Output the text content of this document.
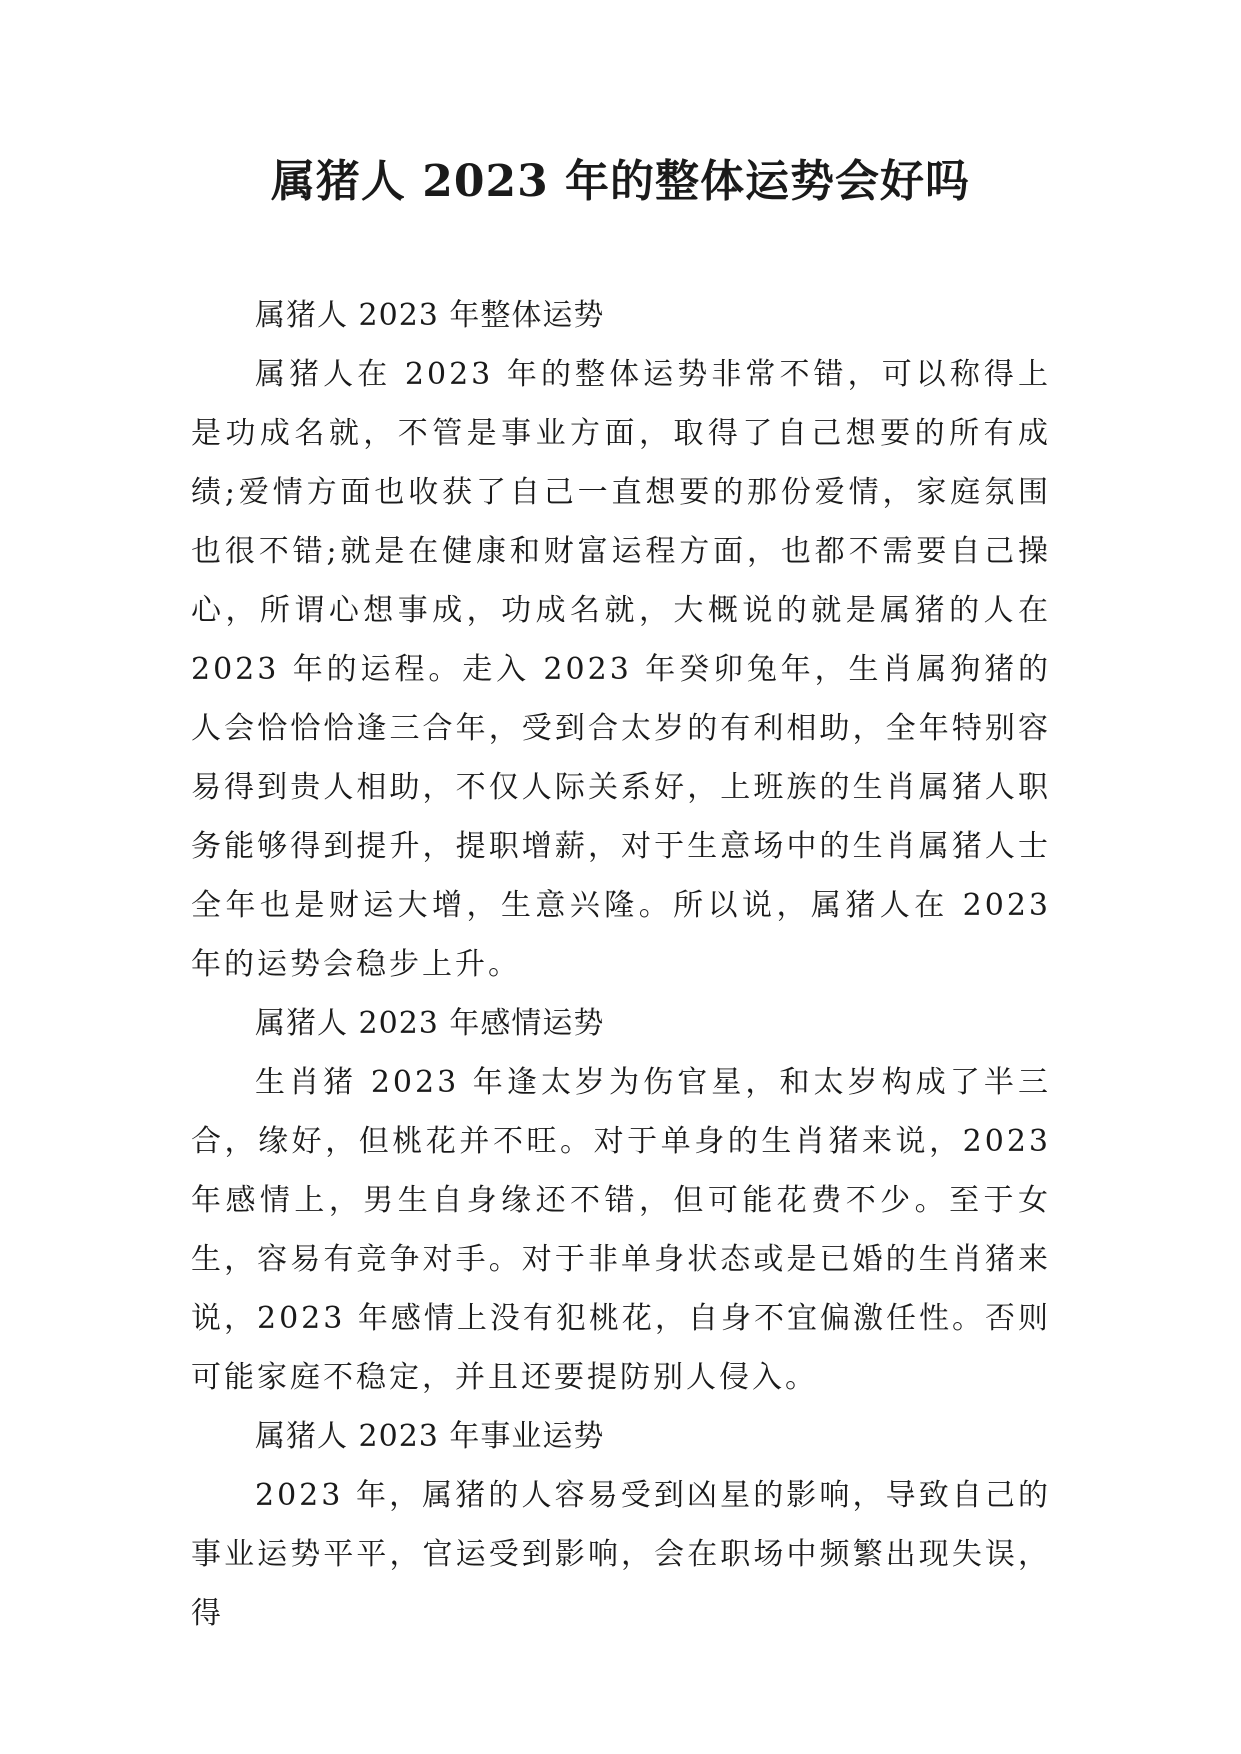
属猪人 2023 年的整体运势会好吗

属猪人 2023 年整体运势

属猪人在 2023 年的整体运势非常不错，可以称得上是功成名就，不管是事业方面，取得了自己想要的所有成绩;爱情方面也收获了自己一直想要的那份爱情，家庭氛围也很不错;就是在健康和财富运程方面，也都不需要自己操心，所谓心想事成，功成名就，大概说的就是属猪的人在 2023 年的运程。走入 2023 年癸卯兔年，生肖属狗猪的人会恰恰恰逢三合年，受到合太岁的有利相助，全年特别容易得到贵人相助，不仅人际关系好，上班族的生肖属猪人职务能够得到提升，提职增薪，对于生意场中的生肖属猪人士全年也是财运大增，生意兴隆。所以说，属猪人在 2023 年的运势会稳步上升。

属猪人 2023 年感情运势

生肖猪 2023 年逢太岁为伤官星，和太岁构成了半三合，缘好，但桃花并不旺。对于单身的生肖猪来说，2023 年感情上，男生自身缘还不错，但可能花费不少。至于女生，容易有竞争对手。对于非单身状态或是已婚的生肖猪来说，2023 年感情上没有犯桃花，自身不宜偏激任性。否则可能家庭不稳定，并且还要提防别人侵入。

属猪人 2023 年事业运势

2023 年，属猪的人容易受到凶星的影响，导致自己的事业运势平平，官运受到影响，会在职场中频繁出现失误，得
